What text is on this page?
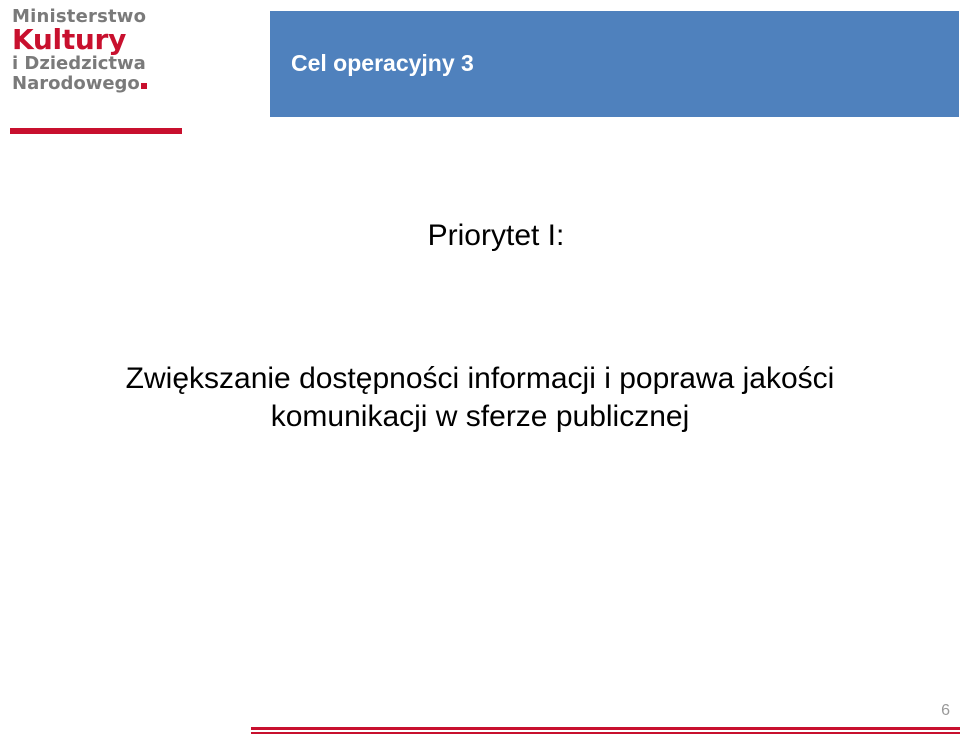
Ministerstwo
Kultury
i Dziedzictwa
Narodowego
Cel operacyjny 3
Priorytet I:
Zwiększanie dostępności informacji i poprawa jakości
komunikacji w sferze publicznej
6
